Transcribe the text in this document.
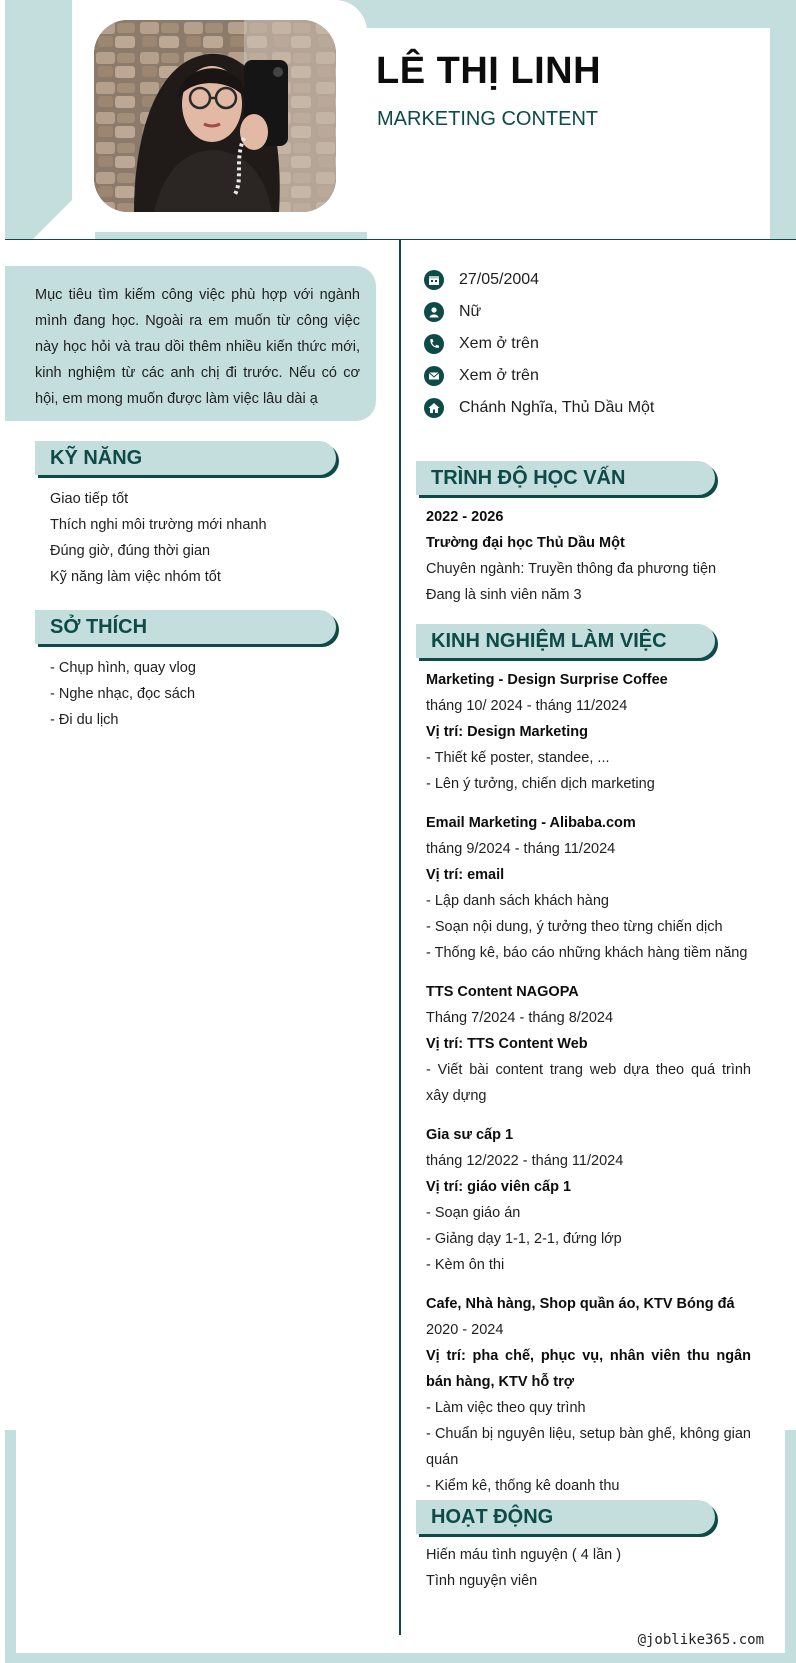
LÊ THỊ LINH
MARKETING CONTENT
Mục tiêu tìm kiếm công việc phù hợp với ngành mình đang học. Ngoài ra em muốn từ công việc này học hỏi và trau dồi thêm nhiều kiến thức mới, kinh nghiệm từ các anh chị đi trước. Nếu có cơ hội, em mong muốn được làm việc lâu dài ạ
27/05/2004
Nữ
Xem ở trên
Xem ở trên
Chánh Nghĩa, Thủ Dầu Một
KỸ NĂNG
Giao tiếp tốt
Thích nghi môi trường mới nhanh
Đúng giờ, đúng thời gian
Kỹ năng làm việc nhóm tốt
SỞ THÍCH
- Chụp hình, quay vlog
- Nghe nhạc, đọc sách
- Đi du lịch
TRÌNH ĐỘ HỌC VẤN
2022 - 2026
Trường đại học Thủ Dầu Một
Chuyên ngành: Truyền thông đa phương tiện
Đang là sinh viên năm 3
KINH NGHIỆM LÀM VIỆC
Marketing - Design Surprise Coffee
tháng 10/ 2024 - tháng 11/2024
Vị trí: Design Marketing
- Thiết kế poster, standee, ...
- Lên ý tưởng, chiến dịch marketing
Email Marketing - Alibaba.com
tháng 9/2024 - tháng 11/2024
Vị trí: email
- Lập danh sách khách hàng
- Soạn nội dung, ý tưởng theo từng chiến dịch
- Thống kê, báo cáo những khách hàng tiềm năng
TTS Content NAGOPA
Tháng 7/2024 - tháng 8/2024
Vị trí: TTS Content Web
- Viết bài content trang web dựa theo quá trình xây dựng
Gia sư cấp 1
tháng 12/2022 - tháng 11/2024
Vị trí: giáo viên cấp 1
- Soạn giáo án
- Giảng dạy 1-1, 2-1, đứng lớp
- Kèm ôn thi
Cafe, Nhà hàng, Shop quần áo, KTV Bóng đá
2020 - 2024
Vị trí: pha chế, phục vụ, nhân viên thu ngân bán hàng, KTV hỗ trợ
- Làm việc theo quy trình
- Chuẩn bị nguyên liệu, setup bàn ghế, không gian quán
- Kiểm kê, thống kê doanh thu
HOẠT ĐỘNG
Hiến máu tình nguyện ( 4 lần )
Tình nguyện viên
@joblike365.com
